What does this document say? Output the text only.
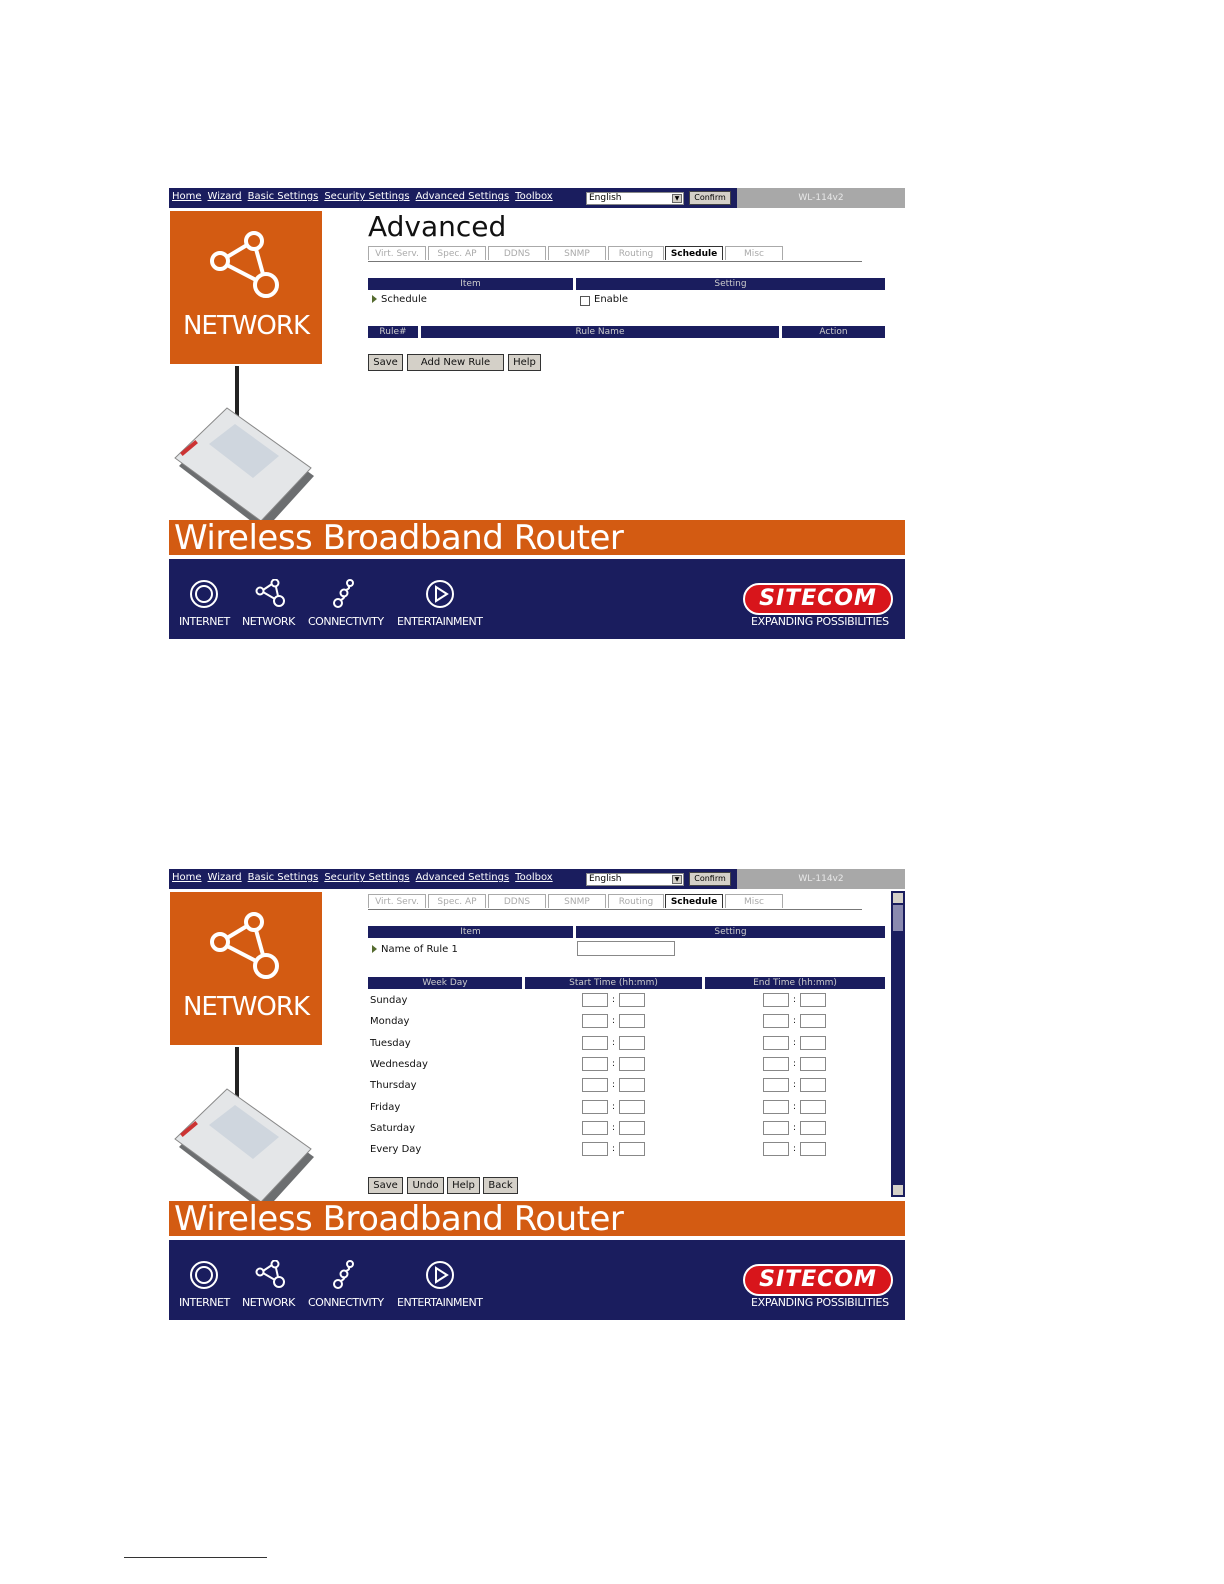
Home Wizard Basic Settings Security Settings Advanced Settings Toolbox	English	▼	Confirm	WL-114v2
NETWORK
Advanced
Virt. Serv.	Spec. AP	DDNS	SNMP	Routing	Schedule	Misc
Item	Setting
Schedule	Enable
Rule#	Rule Name	Action
Save	Add New Rule	Help
Wireless Broadband Router
INTERNET NETWORK CONNECTIVITY ENTERTAINMENT
SITECOM
EXPANDING POSSIBILITIES
Home Wizard Basic Settings Security Settings Advanced Settings Toolbox	English	▼	Confirm	WL-114v2
NETWORK
Virt. Serv.	Spec. AP	DDNS	SNMP	Routing	Schedule	Misc
Item	Setting
Name of Rule 1
Week Day	Start Time (hh:mm)	End Time (hh:mm)
Sunday	:	:
Monday	:	:
Tuesday	:	:
Wednesday	:	:
Thursday	:	:
Friday	:	:
Saturday	:	:
Every Day	:	:
Save	Undo	Help	Back
Wireless Broadband Router
INTERNET NETWORK CONNECTIVITY ENTERTAINMENT
SITECOM
EXPANDING POSSIBILITIES
